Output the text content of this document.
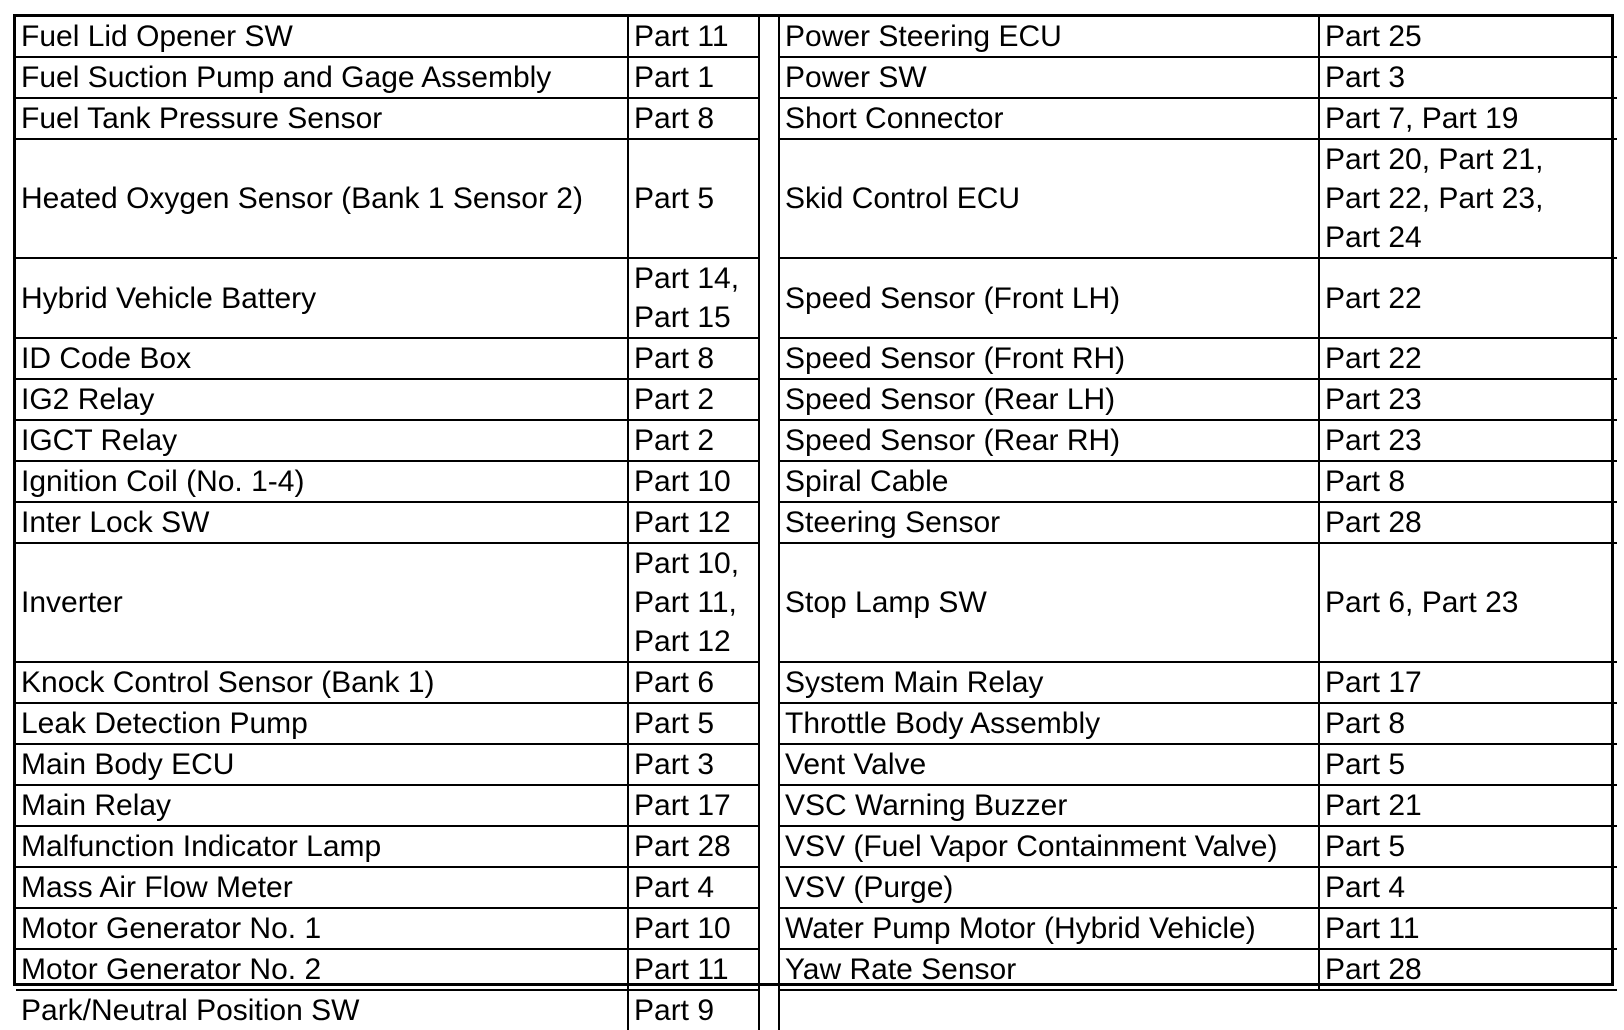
Fuel Lid Opener SW	Part 11		Power Steering ECU	Part 25

Fuel Suction Pump and Gage Assembly	Part 1		Power SW	Part 3

Fuel Tank Pressure Sensor	Part 8		Short Connector	Part 7, Part 19

Heated Oxygen Sensor (Bank 1 Sensor 2)	Part 5		Skid Control ECU	Part 20, Part 21,
Part 22, Part 23,
Part 24

Hybrid Vehicle Battery	Part 14,
Part 15		Speed Sensor (Front LH)	Part 22

ID Code Box	Part 8		Speed Sensor (Front RH)	Part 22

IG2 Relay	Part 2		Speed Sensor (Rear LH)	Part 23

IGCT Relay	Part 2		Speed Sensor (Rear RH)	Part 23

Ignition Coil (No. 1-4)	Part 10		Spiral Cable	Part 8

Inter Lock SW	Part 12		Steering Sensor	Part 28

Inverter	Part 10,
Part 11,
Part 12		Stop Lamp SW	Part 6, Part 23

Knock Control Sensor (Bank 1)	Part 6		System Main Relay	Part 17

Leak Detection Pump	Part 5		Throttle Body Assembly	Part 8

Main Body ECU	Part 3		Vent Valve	Part 5

Main Relay	Part 17		VSC Warning Buzzer	Part 21

Malfunction Indicator Lamp	Part 28		VSV (Fuel Vapor Containment Valve)	Part 5

Mass Air Flow Meter	Part 4		VSV (Purge)	Part 4

Motor Generator No. 1	Part 10		Water Pump Motor (Hybrid Vehicle)	Part 11

Motor Generator No. 2	Part 11		Yaw Rate Sensor	Part 28

Park/Neutral Position SW	Part 9			
